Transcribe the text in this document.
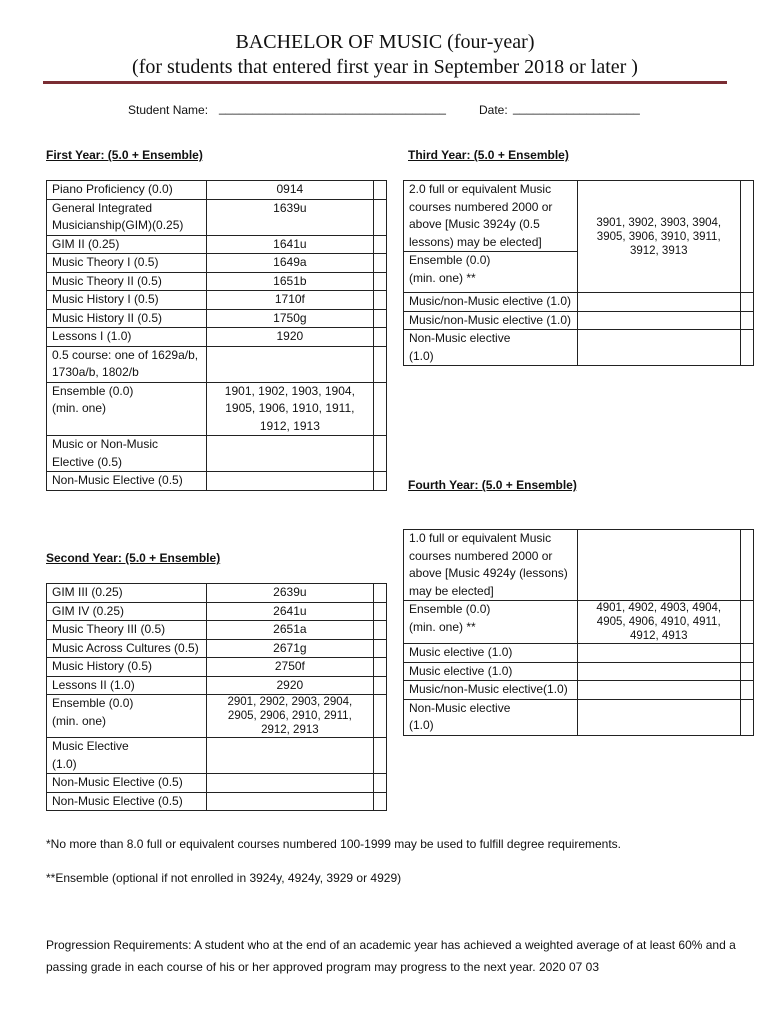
BACHELOR OF MUSIC (four-year)
(for students that entered first year in September 2018 or later )
Student Name: __________________________________	Date: ___________________
First Year: (5.0 + Ensemble)	Third Year: (5.0 + Ensemble)
Piano Proficiency (0.0)	0914	
General Integrated Musicianship(GIM)(0.25)	1639u	
GIM II (0.25)	1641u	
Music Theory I (0.5)	1649a	
Music Theory II (0.5)	1651b	
Music History I (0.5)	1710f	
Music History II (0.5)	1750g	
Lessons I (1.0)	1920	
0.5 course: one of 1629a/b, 1730a/b, 1802/b		
Ensemble (0.0)
(min. one)	1901, 1902, 1903, 1904, 1905, 1906, 1910, 1911, 1912, 1913	
Music or Non-Music Elective (0.5)		
Non-Music Elective (0.5)		
2.0 full or equivalent Music courses numbered 2000 or above [Music 3924y (0.5 lessons) may be elected]	3901, 3902, 3903, 3904, 3905, 3906, 3910, 3911, 3912, 3913	
Ensemble (0.0)
(min. one) **		
Music/non-Music elective (1.0)		
Music/non-Music elective (1.0)		
Non-Music elective
(1.0)		
Fourth Year: (5.0 + Ensemble)
1.0 full or equivalent Music courses numbered 2000 or above [Music 4924y (lessons) may be elected]		
Ensemble (0.0)
(min. one) **	4901, 4902, 4903, 4904, 4905, 4906, 4910, 4911, 4912, 4913	
Music elective (1.0)		
Music elective (1.0)		
Music/non-Music elective(1.0)		
Non-Music elective
(1.0)		
Second Year: (5.0 + Ensemble)
GIM III (0.25)	2639u	
GIM IV (0.25)	2641u	
Music Theory III (0.5)	2651a	
Music Across Cultures (0.5)	2671g	
Music History (0.5)	2750f	
Lessons II (1.0)	2920	
Ensemble (0.0)
(min. one)	2901, 2902, 2903, 2904, 2905, 2906, 2910, 2911, 2912, 2913	
Music Elective
(1.0)		
Non-Music Elective (0.5)		
Non-Music Elective (0.5)		
*No more than 8.0 full or equivalent courses numbered 100-1999 may be used to fulfill degree requirements.
**Ensemble (optional if not enrolled in 3924y, 4924y, 3929 or 4929)
Progression Requirements: A student who at the end of an academic year has achieved a weighted average of at least 60% and a passing grade in each course of his or her approved program may progress to the next year. 2020 07 03
